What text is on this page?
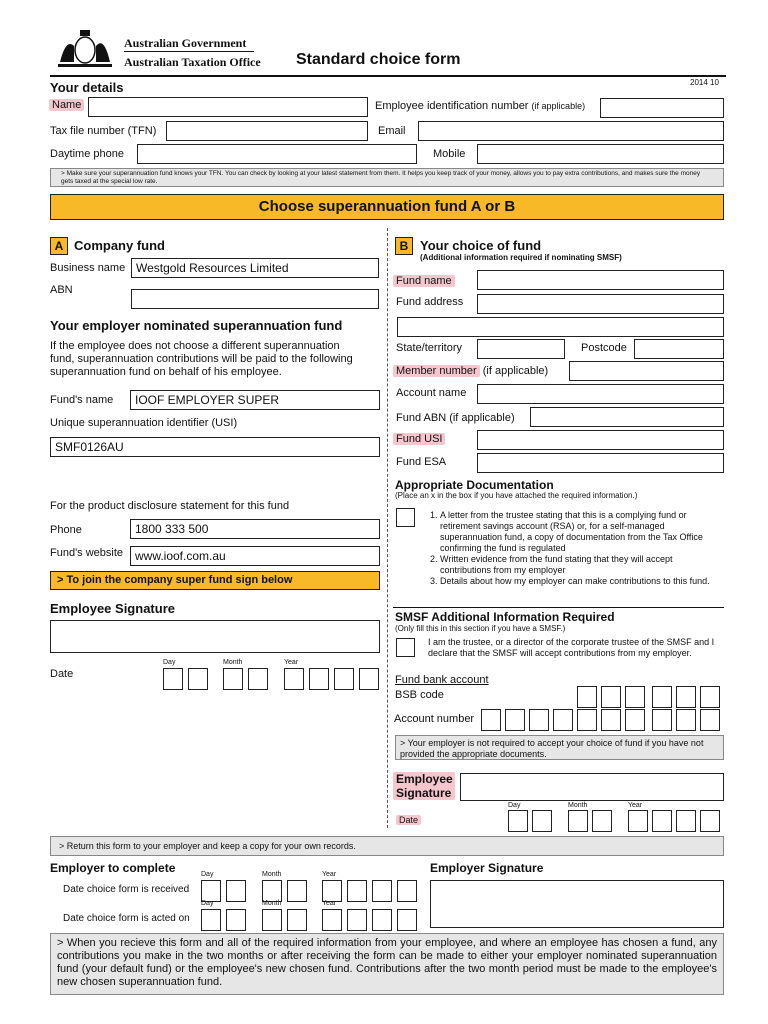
Australian Government
Australian Taxation Office Standard choice form
2014 10
Your details
Name	Employee identification number (if applicable)
Tax file number (TFN)	Email
Daytime phone	Mobile
> Make sure your superannuation fund knows your TFN. You can check by looking at your latest statement from them. It helps you keep track of your money, allows you to pay extra contributions, and makes sure the money gets taxed at the special low rate.
Choose superannuation fund A or B
A Company fund
Business name Westgold Resources Limited
ABN
Your employer nominated superannuation fund
If the employee does not choose a different superannuation fund, superannuation contributions will be paid to the following superannuation fund on behalf of his employee.
Fund's name	IOOF EMPLOYER SUPER
Unique superannuation identifier (USI)
SMF0126AU
For the product disclosure statement for this fund
Phone	1800 333 500
Fund's website www.ioof.com.au
> To join the company super fund sign below
Employee Signature
Date
Day	Month	Year
B Your choice of fund
(Additional information required if nominating SMSF)
Fund name
Fund address
State/territory	Postcode
Member number (if applicable)
Account name
Fund ABN (if applicable)
Fund USI
Fund ESA
Appropriate Documentation
(Place an x in the box if you have attached the required information.)
1. A letter from the trustee stating that this is a complying fund or retirement savings account (RSA) or, for a self-managed superannuation fund, a copy of documentation from the Tax Office confirming the fund is regulated
2. Written evidence from the fund stating that they will accept contributions from my employer
3. Details about how my employer can make contributions to this fund.
SMSF Additional Information Required
(Only fill this in this section if you have a SMSF.)
I am the trustee, or a director of the corporate trustee of the SMSF and I declare that the SMSF will accept contributions from my employer.
Fund bank account
BSB code
Account number
> Your employer is not required to accept your choice of fund if you have not provided the appropriate documents.
Employee Signature
Day	Month	Year
Date
> Return this form to your employer and keep a copy for your own records.
Employer to complete	Day	Month	Year
Date choice form is received
Day	Month	Year
Date choice form is acted on
Employer Signature
> When you recieve this form and all of the required information from your employee, and where an employee has chosen a fund, any contributions you make in the two months or after receiving the form can be made to either your employer nominated superannuation fund (your default fund) or the employee's new chosen fund. Contributions after the two month period must be made to the employee's new chosen superannuation fund.
